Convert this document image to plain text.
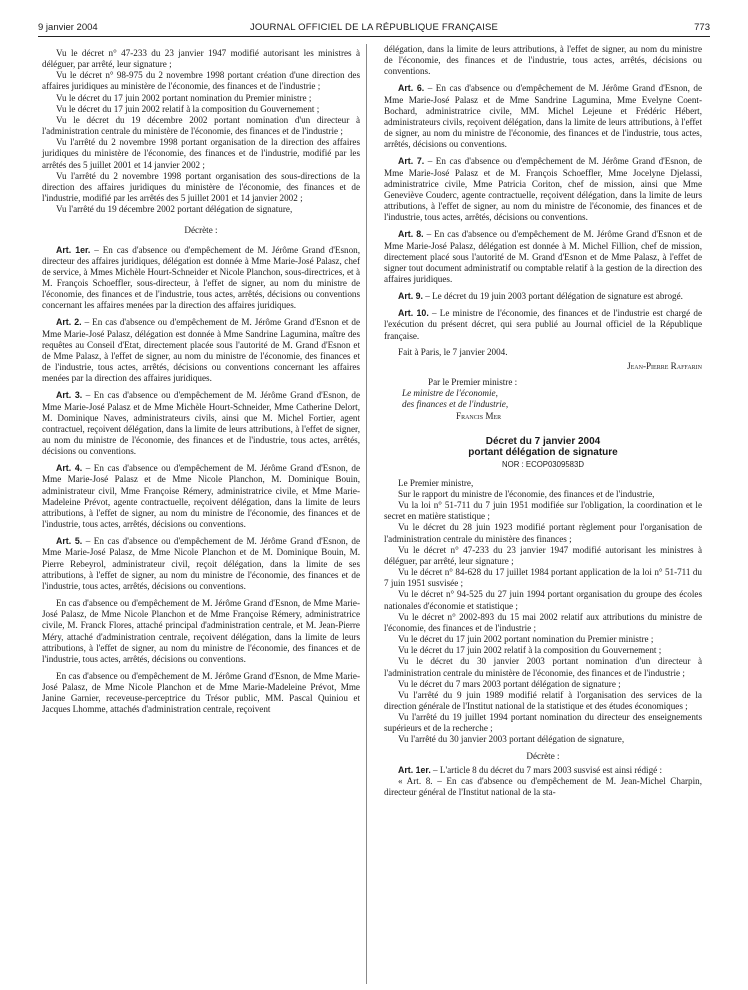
9 janvier 2004	JOURNAL OFFICIEL DE LA RÉPUBLIQUE FRANÇAISE	773

Vu le décret n° 47-233 du 23 janvier 1947 modifié autorisant les ministres à déléguer, par arrêté, leur signature ;

Vu le décret n° 98-975 du 2 novembre 1998 portant création d'une direction des affaires juridiques au ministère de l'économie, des finances et de l'industrie ;

Vu le décret du 17 juin 2002 portant nomination du Premier ministre ;

Vu le décret du 17 juin 2002 relatif à la composition du Gouvernement ;

Vu le décret du 19 décembre 2002 portant nomination d'un directeur à l'administration centrale du ministère de l'économie, des finances et de l'industrie ;

Vu l'arrêté du 2 novembre 1998 portant organisation de la direction des affaires juridiques du ministère de l'économie, des finances et de l'industrie, modifié par les arrêtés des 5 juillet 2001 et 14 janvier 2002 ;

Vu l'arrêté du 2 novembre 1998 portant organisation des sous-directions de la direction des affaires juridiques du ministère de l'économie, des finances et de l'industrie, modifié par les arrêtés des 5 juillet 2001 et 14 janvier 2002 ;

Vu l'arrêté du 19 décembre 2002 portant délégation de signature,

Décrète :

Art. 1er. – En cas d'absence ou d'empêchement de M. Jérôme Grand d'Esnon, directeur des affaires juridiques, délégation est donnée à Mme Marie-José Palasz, chef de service, à Mmes Michèle Hourt-Schneider et Nicole Planchon, sous-directrices, et à M. François Schoeffler, sous-directeur, à l'effet de signer, au nom du ministre de l'économie, des finances et de l'industrie, tous actes, arrêtés, décisions ou conventions concernant les affaires menées par la direction des affaires juridiques.

Art. 2. – En cas d'absence ou d'empêchement de M. Jérôme Grand d'Esnon et de Mme Marie-José Palasz, délégation est donnée à Mme Sandrine Lagumina, maître des requêtes au Conseil d'Etat, directement placée sous l'autorité de M. Grand d'Esnon et de Mme Palasz, à l'effet de signer, au nom du ministre de l'économie, des finances et de l'industrie, tous actes, arrêtés, décisions ou conventions concernant les affaires menées par la direction des affaires juridiques.

Art. 3. – En cas d'absence ou d'empêchement de M. Jérôme Grand d'Esnon, de Mme Marie-José Palasz et de Mme Michèle Hourt-Schneider, Mme Catherine Delort, M. Dominique Naves, administrateurs civils, ainsi que M. Michel Fortier, agent contractuel, reçoivent délégation, dans la limite de leurs attributions, à l'effet de signer, au nom du ministre de l'économie, des finances et de l'industrie, tous actes, arrêtés, décisions ou conventions.

Art. 4. – En cas d'absence ou d'empêchement de M. Jérôme Grand d'Esnon, de Mme Marie-José Palasz et de Mme Nicole Planchon, M. Dominique Bouin, administrateur civil, Mme Françoise Rémery, administratrice civile, et Mme Marie-Madeleine Prévot, agente contractuelle, reçoivent délégation, dans la limite de leurs attributions, à l'effet de signer, au nom du ministre de l'économie, des finances et de l'industrie, tous actes, arrêtés, décisions ou conventions.

Art. 5. – En cas d'absence ou d'empêchement de M. Jérôme Grand d'Esnon, de Mme Marie-José Palasz, de Mme Nicole Planchon et de M. Dominique Bouin, M. Pierre Rebeyrol, administrateur civil, reçoit délégation, dans la limite de ses attributions, à l'effet de signer, au nom du ministre de l'économie, des finances et de l'industrie, tous actes, arrêtés, décisions ou conventions.

En cas d'absence ou d'empêchement de M. Jérôme Grand d'Esnon, de Mme Marie-José Palasz, de Mme Nicole Planchon et de Mme Françoise Rémery, administratrice civile, M. Franck Flores, attaché principal d'administration centrale, et M. Jean-Pierre Méry, attaché d'administration centrale, reçoivent délégation, dans la limite de leurs attributions, à l'effet de signer, au nom du ministre de l'économie, des finances et de l'industrie, tous actes, arrêtés, décisions ou conventions.

En cas d'absence ou d'empêchement de M. Jérôme Grand d'Esnon, de Mme Marie-José Palasz, de Mme Nicole Planchon et de Mme Marie-Madeleine Prévot, Mme Janine Garnier, receveuse-perceptrice du Trésor public, MM. Pascal Quiniou et Jacques Lhomme, attachés d'administration centrale, reçoivent

délégation, dans la limite de leurs attributions, à l'effet de signer, au nom du ministre de l'économie, des finances et de l'industrie, tous actes, arrêtés, décisions ou conventions.

Art. 6. – En cas d'absence ou d'empêchement de M. Jérôme Grand d'Esnon, de Mme Marie-José Palasz et de Mme Sandrine Lagumina, Mme Evelyne Coent-Bochard, administratrice civile, MM. Michel Lejeune et Frédéric Hébert, administrateurs civils, reçoivent délégation, dans la limite de leurs attributions, à l'effet de signer, au nom du ministre de l'économie, des finances et de l'industrie, tous actes, arrêtés, décisions ou conventions.

Art. 7. – En cas d'absence ou d'empêchement de M. Jérôme Grand d'Esnon, de Mme Marie-José Palasz et de M. François Schoeffler, Mme Jocelyne Djelassi, administratrice civile, Mme Patricia Coriton, chef de mission, ainsi que Mme Geneviève Couderc, agente contractuelle, reçoivent délégation, dans la limite de leurs attributions, à l'effet de signer, au nom du ministre de l'économie, des finances et de l'industrie, tous actes, arrêtés, décisions ou conventions.

Art. 8. – En cas d'absence ou d'empêchement de M. Jérôme Grand d'Esnon et de Mme Marie-José Palasz, délégation est donnée à M. Michel Fillion, chef de mission, directement placé sous l'autorité de M. Grand d'Esnon et de Mme Palasz, à l'effet de signer tout document administratif ou comptable relatif à la gestion de la direction des affaires juridiques.

Art. 9. – Le décret du 19 juin 2003 portant délégation de signature est abrogé.

Art. 10. – Le ministre de l'économie, des finances et de l'industrie est chargé de l'exécution du présent décret, qui sera publié au Journal officiel de la République française.

Fait à Paris, le 7 janvier 2004.

Jean-Pierre Raffarin

Par le Premier ministre :
Le ministre de l'économie,
des finances et de l'industrie,
Francis Mer
Décret du 7 janvier 2004
portant délégation de signature
NOR : ECOP0309583D

Le Premier ministre,

Sur le rapport du ministre de l'économie, des finances et de l'industrie,

Vu la loi n° 51-711 du 7 juin 1951 modifiée sur l'obligation, la coordination et le secret en matière statistique ;

Vu le décret du 28 juin 1923 modifié portant règlement pour l'organisation de l'administration centrale du ministère des finances ;

Vu le décret n° 47-233 du 23 janvier 1947 modifié autorisant les ministres à déléguer, par arrêté, leur signature ;

Vu le décret n° 84-628 du 17 juillet 1984 portant application de la loi n° 51-711 du 7 juin 1951 susvisée ;

Vu le décret n° 94-525 du 27 juin 1994 portant organisation du groupe des écoles nationales d'économie et statistique ;

Vu le décret n° 2002-893 du 15 mai 2002 relatif aux attributions du ministre de l'économie, des finances et de l'industrie ;

Vu le décret du 17 juin 2002 portant nomination du Premier ministre ;

Vu le décret du 17 juin 2002 relatif à la composition du Gouvernement ;

Vu le décret du 30 janvier 2003 portant nomination d'un directeur à l'administration centrale du ministère de l'économie, des finances et de l'industrie ;

Vu le décret du 7 mars 2003 portant délégation de signature ;

Vu l'arrêté du 9 juin 1989 modifié relatif à l'organisation des services de la direction générale de l'Institut national de la statistique et des études économiques ;

Vu l'arrêté du 19 juillet 1994 portant nomination du directeur des enseignements supérieurs et de la recherche ;

Vu l'arrêté du 30 janvier 2003 portant délégation de signature,

Décrète :

Art. 1er. – L'article 8 du décret du 7 mars 2003 susvisé est ainsi rédigé :

« Art. 8. – En cas d'absence ou d'empêchement de M. Jean-Michel Charpin, directeur général de l'Institut national de la sta-
